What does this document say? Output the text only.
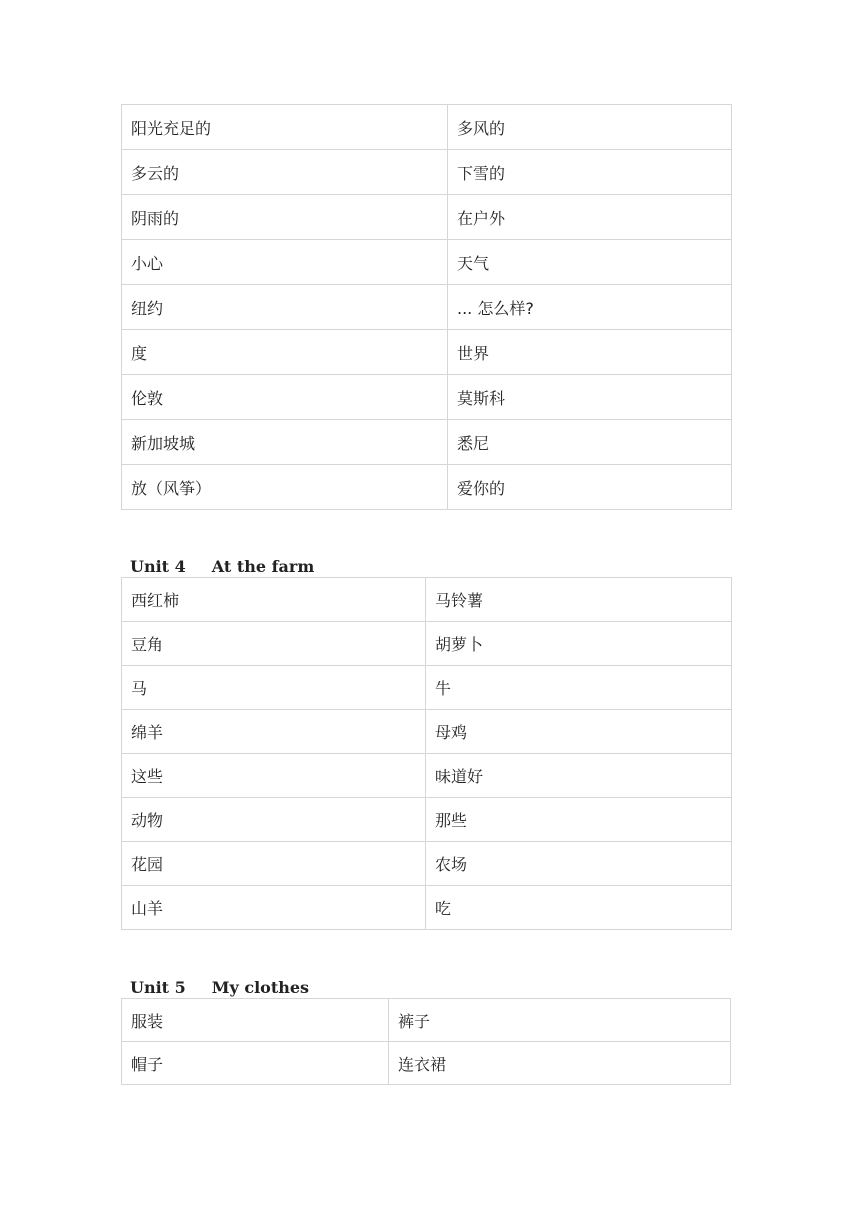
阳光充足的	多风的
多云的	下雪的
阴雨的	在户外
小心	天气
纽约	... 怎么样?
度	世界
伦敦	莫斯科
新加坡城	悉尼
放（风筝）	爱你的
Unit 4 At the farm
西红柿	马铃薯
豆角	胡萝卜
马	牛
绵羊	母鸡
这些	味道好
动物	那些
花园	农场
山羊	吃
Unit 5 My clothes
服装	裤子
帽子	连衣裙
